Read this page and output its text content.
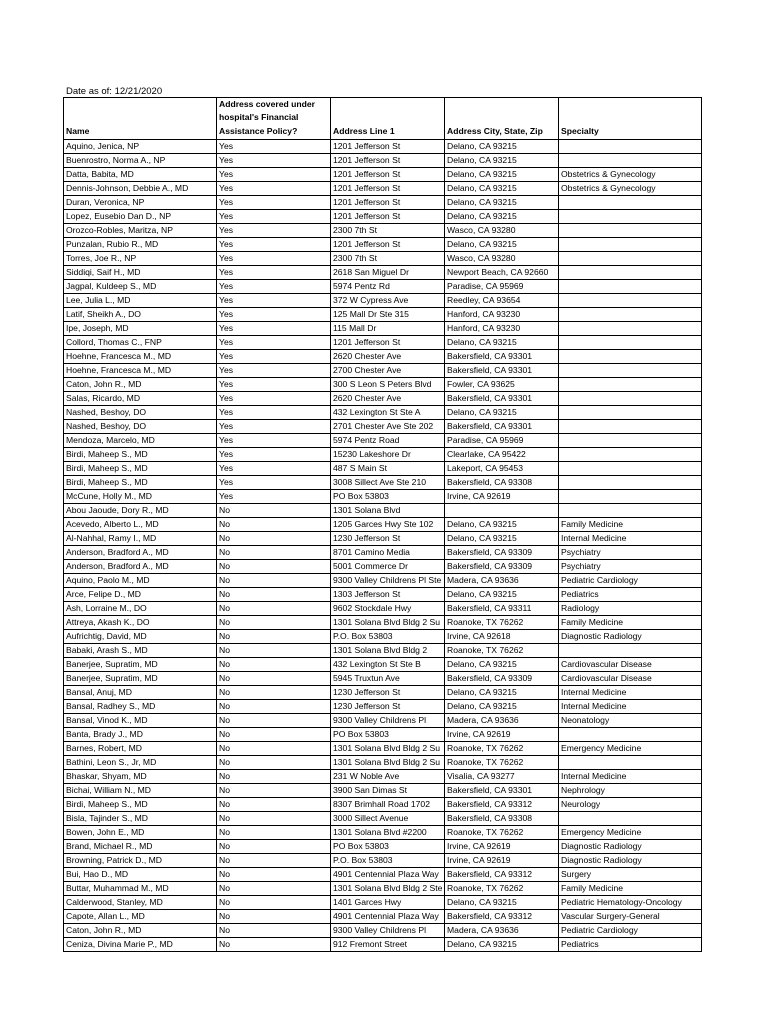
Date as of: 12/21/2020
Name	Address covered under hospital's Financial Assistance Policy?	Address Line 1	Address City, State, Zip	Specialty
Aquino, Jenica, NP	Yes	1201 Jefferson St	Delano, CA 93215	
Buenrostro, Norma A., NP	Yes	1201 Jefferson St	Delano, CA 93215	
Datta, Babita, MD	Yes	1201 Jefferson St	Delano, CA 93215	Obstetrics & Gynecology
Dennis-Johnson, Debbie A., MD	Yes	1201 Jefferson St	Delano, CA 93215	Obstetrics & Gynecology
Duran, Veronica, NP	Yes	1201 Jefferson St	Delano, CA 93215	
Lopez, Eusebio Dan D., NP	Yes	1201 Jefferson St	Delano, CA 93215	
Orozco-Robles, Maritza, NP	Yes	2300 7th St	Wasco, CA 93280	
Punzalan, Rubio R., MD	Yes	1201 Jefferson St	Delano, CA 93215	
Torres, Joe R., NP	Yes	2300 7th St	Wasco, CA 93280	
Siddiqi, Saif H., MD	Yes	2618 San Miguel Dr	Newport Beach, CA 92660	
Jagpal, Kuldeep S., MD	Yes	5974 Pentz Rd	Paradise, CA 95969	
Lee, Julia L., MD	Yes	372 W Cypress Ave	Reedley, CA 93654	
Latif, Sheikh A., DO	Yes	125 Mall Dr Ste 315	Hanford, CA 93230	
Ipe, Joseph, MD	Yes	115 Mall Dr	Hanford, CA 93230	
Collord, Thomas C., FNP	Yes	1201 Jefferson St	Delano, CA 93215	
Hoehne, Francesca M., MD	Yes	2620 Chester Ave	Bakersfield, CA 93301	
Hoehne, Francesca M., MD	Yes	2700 Chester Ave	Bakersfield, CA 93301	
Caton, John R., MD	Yes	300 S Leon S Peters Blvd	Fowler, CA 93625	
Salas, Ricardo, MD	Yes	2620 Chester Ave	Bakersfield, CA 93301	
Nashed, Beshoy, DO	Yes	432 Lexington St Ste A	Delano, CA 93215	
Nashed, Beshoy, DO	Yes	2701 Chester Ave Ste 202	Bakersfield, CA 93301	
Mendoza, Marcelo, MD	Yes	5974 Pentz Road	Paradise, CA 95969	
Birdi, Maheep S., MD	Yes	15230 Lakeshore Dr	Clearlake, CA 95422	
Birdi, Maheep S., MD	Yes	487 S Main St	Lakeport, CA 95453	
Birdi, Maheep S., MD	Yes	3008 Sillect Ave Ste 210	Bakersfield, CA 93308	
McCune, Holly M., MD	Yes	PO Box 53803	Irvine, CA 92619	
Abou Jaoude, Dory R., MD	No	1301 Solana Blvd		
Acevedo, Alberto L., MD	No	1205 Garces Hwy Ste 102	Delano, CA 93215	Family Medicine
Al-Nahhal, Ramy I., MD	No	1230 Jefferson St	Delano, CA 93215	Internal Medicine
Anderson, Bradford A., MD	No	8701 Camino Media	Bakersfield, CA 93309	Psychiatry
Anderson, Bradford A., MD	No	5001 Commerce Dr	Bakersfield, CA 93309	Psychiatry
Aquino, Paolo M., MD	No	9300 Valley Childrens Pl Ste	Madera, CA 93636	Pediatric Cardiology
Arce, Felipe D., MD	No	1303 Jefferson St	Delano, CA 93215	Pediatrics
Ash, Lorraine M., DO	No	9602 Stockdale Hwy	Bakersfield, CA 93311	Radiology
Attreya, Akash K., DO	No	1301 Solana Blvd Bldg 2 Su	Roanoke, TX 76262	Family Medicine
Aufrichtig, David, MD	No	P.O. Box 53803	Irvine, CA 92618	Diagnostic Radiology
Babaki, Arash S., MD	No	1301 Solana Blvd Bldg 2	Roanoke, TX 76262	
Banerjee, Supratim, MD	No	432 Lexington St Ste B	Delano, CA 93215	Cardiovascular Disease
Banerjee, Supratim, MD	No	5945 Truxtun Ave	Bakersfield, CA 93309	Cardiovascular Disease
Bansal, Anuj, MD	No	1230 Jefferson St	Delano, CA 93215	Internal Medicine
Bansal, Radhey S., MD	No	1230 Jefferson St	Delano, CA 93215	Internal Medicine
Bansal, Vinod K., MD	No	9300 Valley Childrens Pl	Madera, CA 93636	Neonatology
Banta, Brady J., MD	No	PO Box 53803	Irvine, CA 92619	
Barnes, Robert, MD	No	1301 Solana Blvd Bldg 2 Su	Roanoke, TX 76262	Emergency Medicine
Bathini, Leon S., Jr, MD	No	1301 Solana Blvd Bldg 2 Su	Roanoke, TX 76262	
Bhaskar, Shyam, MD	No	231 W Noble Ave	Visalia, CA 93277	Internal Medicine
Bichai, William N., MD	No	3900 San Dimas St	Bakersfield, CA 93301	Nephrology
Birdi, Maheep S., MD	No	8307 Brimhall Road 1702	Bakersfield, CA 93312	Neurology
Bisla, Tajinder S., MD	No	3000 Sillect Avenue	Bakersfield, CA 93308	
Bowen, John E., MD	No	1301 Solana Blvd #2200	Roanoke, TX 76262	Emergency Medicine
Brand, Michael R., MD	No	PO Box 53803	Irvine, CA 92619	Diagnostic Radiology
Browning, Patrick D., MD	No	P.O. Box 53803	Irvine, CA 92619	Diagnostic Radiology
Bui, Hao D., MD	No	4901 Centennial Plaza Way	Bakersfield, CA 93312	Surgery
Buttar, Muhammad M., MD	No	1301 Solana Blvd Bldg 2 Ste	Roanoke, TX 76262	Family Medicine
Calderwood, Stanley, MD	No	1401 Garces Hwy	Delano, CA 93215	Pediatric Hematology-Oncology
Capote, Allan L., MD	No	4901 Centennial Plaza Way	Bakersfield, CA 93312	Vascular Surgery-General
Caton, John R., MD	No	9300 Valley Childrens Pl	Madera, CA 93636	Pediatric Cardiology
Ceniza, Divina Marie P., MD	No	912 Fremont Street	Delano, CA 93215	Pediatrics
